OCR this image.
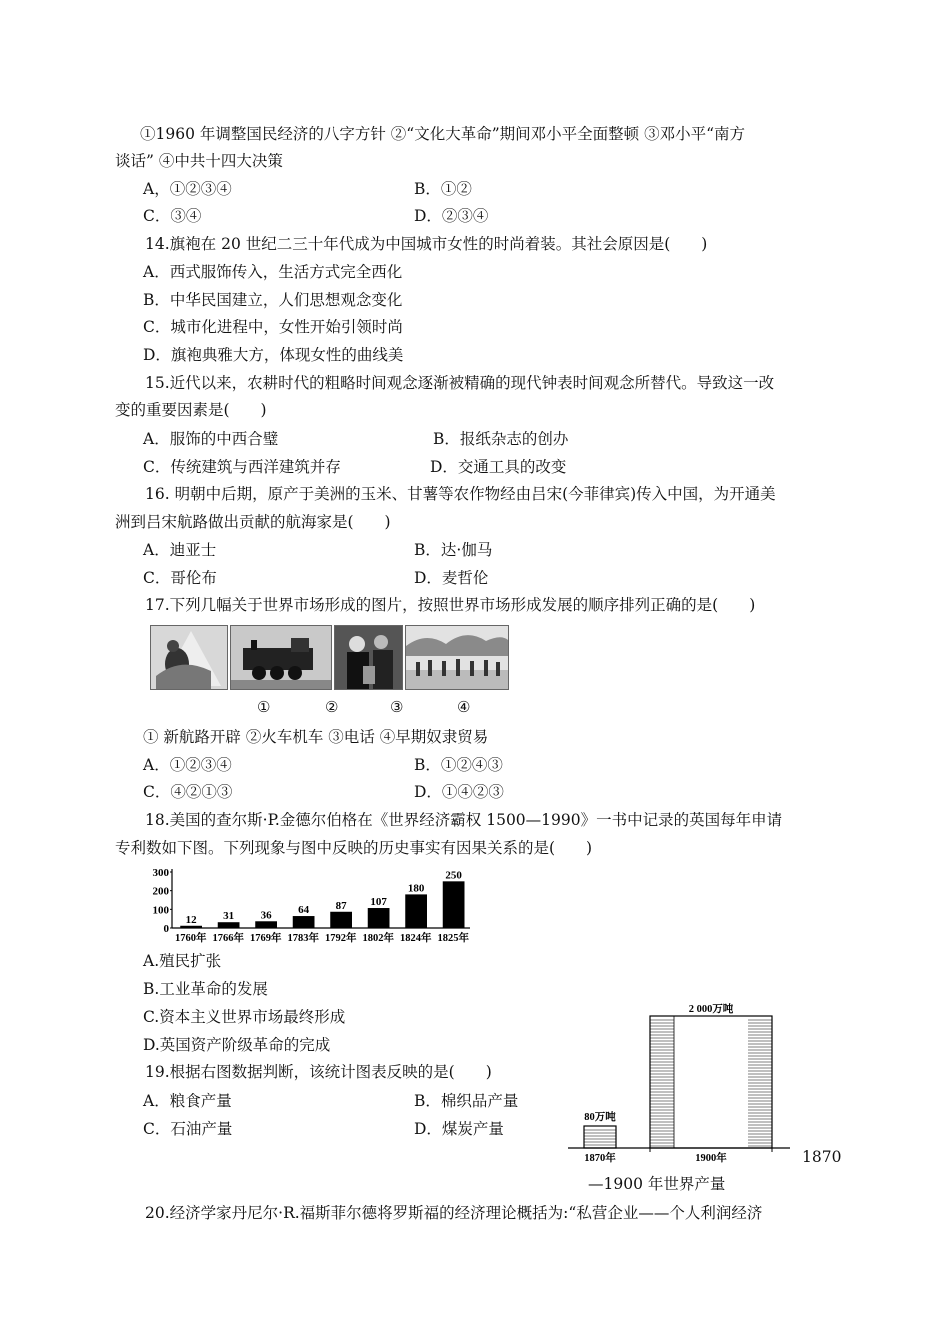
①1960 年调整国民经济的八字方针 ②“文化大革命”期间邓小平全面整顿 ③邓小平“南方
谈话” ④中共十四大决策
A，①②③④	B．①②
C．③④	D．②③④
14.旗袍在 20 世纪二三十年代成为中国城市女性的时尚着装。其社会原因是(　　)
A．西式服饰传入，生活方式完全西化
B．中华民国建立，人们思想观念变化
C．城市化进程中，女性开始引领时尚
D．旗袍典雅大方，体现女性的曲线美
15.近代以来，农耕时代的粗略时间观念逐渐被精确的现代钟表时间观念所替代。导致这一改
变的重要因素是(　　)
A．服饰的中西合璧	B．报纸杂志的创办
C．传统建筑与西洋建筑并存	D．交通工具的改变
16. 明朝中后期，原产于美洲的玉米、甘薯等农作物经由吕宋(今菲律宾)传入中国，为开通美
洲到吕宋航路做出贡献的航海家是(　　)
A．迪亚士	B．达·伽马
C．哥伦布	D．麦哲伦
17.下列几幅关于世界市场形成的图片，按照世界市场形成发展的顺序排列正确的是(　　)
①	②	③	④
① 新航路开辟 ②火车机车 ③电话 ④早期奴隶贸易
A．①②③④	B．①②④③
C．④②①③	D．①④②③
18.美国的查尔斯·P.金德尔伯格在《世界经济霸权 1500—1990》一书中记录的英国每年申请
专利数如下图。下列现象与图中反映的历史事实有因果关系的是(　　)
300
200
100
0
12
1760年
31
1766年
36
1769年
64
1783年
87
1792年
107
1802年
180
1824年
250
1825年
A.殖民扩张
B.工业革命的发展
C.资本主义世界市场最终形成
D.英国资产阶级革命的完成
19.根据右图数据判断，该统计图表反映的是(　　)
A．粮食产量	B．棉织品产量
C．石油产量	D．煤炭产量
80万吨
2 000万吨
1870年	1900年	1870
—1900 年世界产量
20.经济学家丹尼尔·R.福斯菲尔德将罗斯福的经济理论概括为:“私营企业——个人利润经济
